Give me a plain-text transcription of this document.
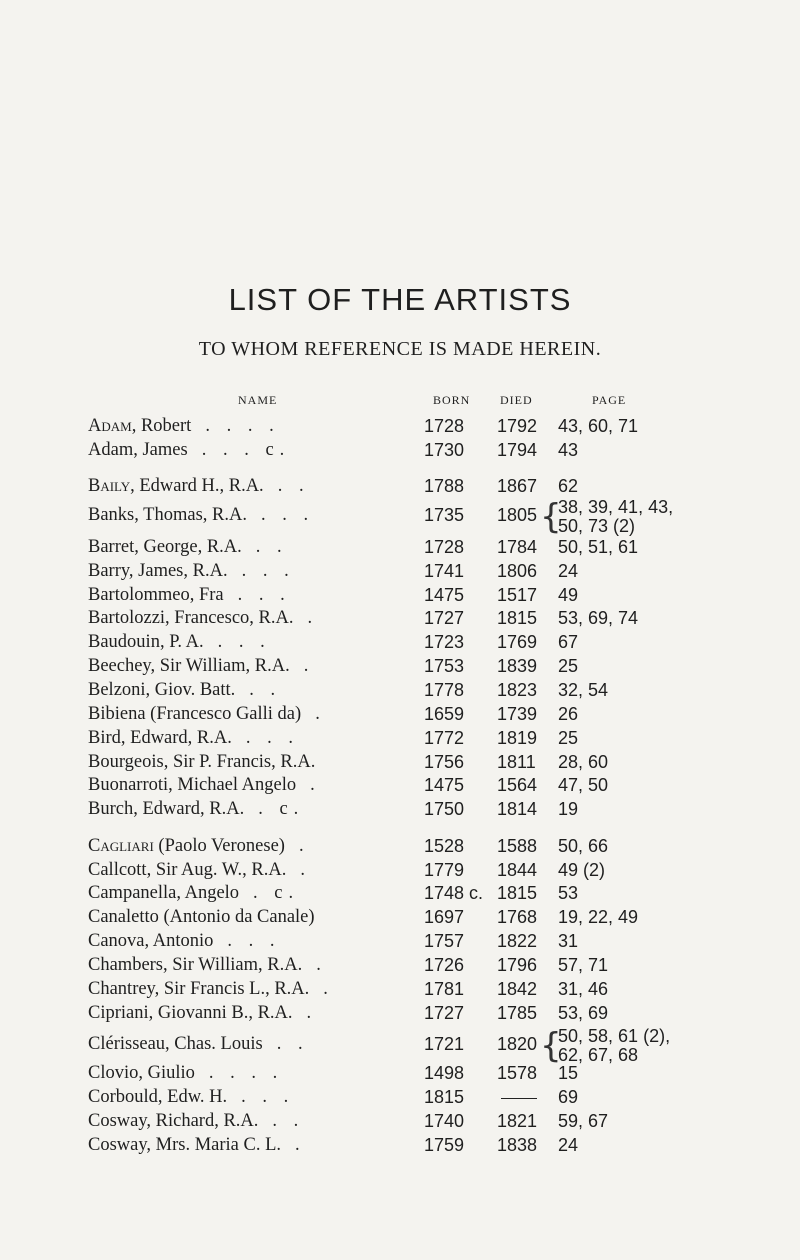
LIST OF THE ARTISTS
TO WHOM REFERENCE IS MADE HEREIN.
NAME	BORN DIED	PAGE
Adam, Robert . . . .	1728 1792 43, 60, 71
Adam, James . . . c.	1730 1794 43
Baily, Edward H., R.A. . .	1788 1867 62
Banks, Thomas, R.A. . . .	1735 1805 {
38, 39, 41, 43,
50, 73 (2)
Barret, George, R.A. . .	1728 1784 50, 51, 61
Barry, James, R.A. . . .	1741 1806 24
Bartolommeo, Fra . . .	1475 1517 49
Bartolozzi, Francesco, R.A. .	1727 1815 53, 69, 74
Baudouin, P. A. . . .	1723 1769 67
Beechey, Sir William, R.A. .	1753 1839 25
Belzoni, Giov. Batt. . .	1778 1823 32, 54
Bibiena (Francesco Galli da) .	1659 1739 26
Bird, Edward, R.A. . . .	1772 1819 25
Bourgeois, Sir P. Francis, R.A.	1756 1811 28, 60
Buonarroti, Michael Angelo .	1475 1564 47, 50
Burch, Edward, R.A. . c.	1750 1814 19
Cagliari (Paolo Veronese) .	1528 1588 50, 66
Callcott, Sir Aug. W., R.A. .	1779 1844 49 (2)
Campanella, Angelo . c.	1748 c. 1815 53
Canaletto (Antonio da Canale)	1697 1768 19, 22, 49
Canova, Antonio . . .	1757 1822 31
Chambers, Sir William, R.A. .	1726 1796 57, 71
Chantrey, Sir Francis L., R.A. .	1781 1842 31, 46
Cipriani, Giovanni B., R.A. .	1727 1785 53, 69
Clérisseau, Chas. Louis . .	1721 1820 {
50, 58, 61 (2),
62, 67, 68
Clovio, Giulio . . . .	1498 1578 15
Corbould, Edw. H. . . .	1815	69
Cosway, Richard, R.A. . .	1740 1821 59, 67
Cosway, Mrs. Maria C. L. .	1759 1838 24
